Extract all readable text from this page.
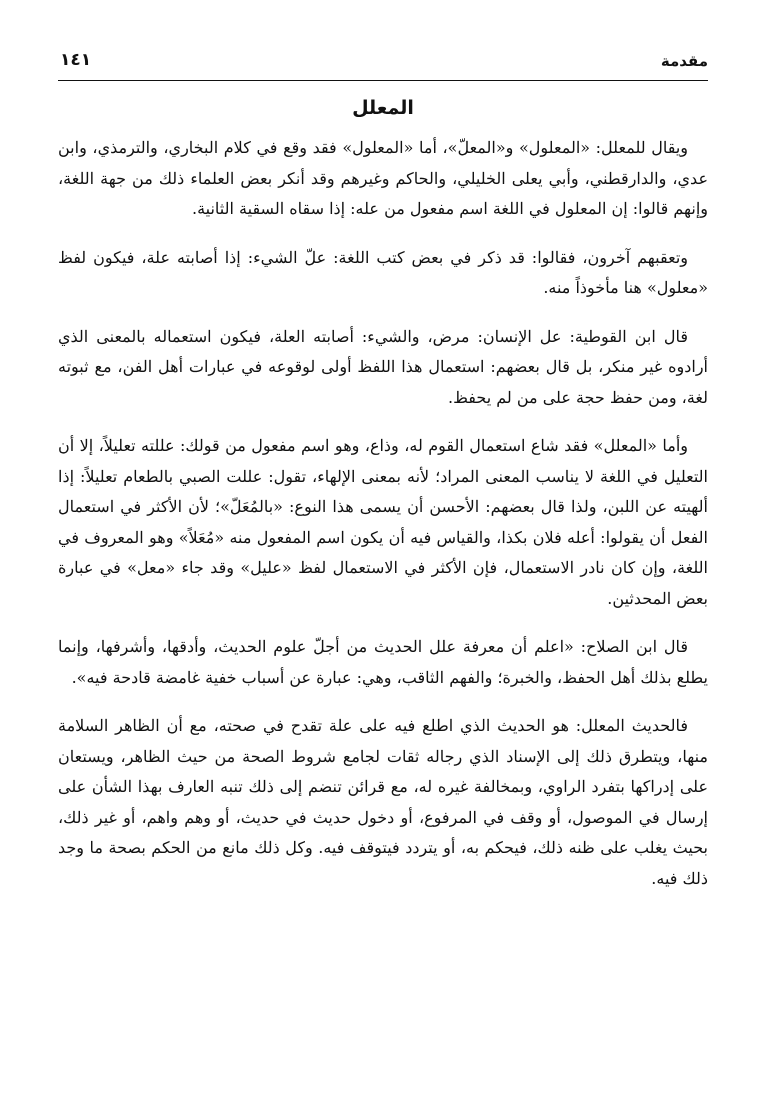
مقدمة
١٤١
المعلل

ويقال للمعلل: «المعلول» و«المعلّ»، أما «المعلول» فقد وقع في كلام البخاري، والترمذي، وابن عدي، والدارقطني، وأبي يعلى الخليلي، والحاكم وغيرهم وقد أنكر بعض العلماء ذلك من جهة اللغة، وإنهم قالوا: إن المعلول في اللغة اسم مفعول من عله: إذا سقاه السقية الثانية.

وتعقبهم آخرون، فقالوا: قد ذكر في بعض كتب اللغة: علّ الشيء: إذا أصابته علة، فيكون لفظ «معلول» هنا مأخوذاً منه.

قال ابن القوطية: عل الإنسان: مرض، والشيء: أصابته العلة، فيكون استعماله بالمعنى الذي أرادوه غير منكر، بل قال بعضهم: استعمال هذا اللفظ أولى لوقوعه في عبارات أهل الفن، مع ثبوته لغة، ومن حفظ حجة على من لم يحفظ.

وأما «المعلل» فقد شاع استعمال القوم له، وذاع، وهو اسم مفعول من قولك: عللته تعليلاً، إلا أن التعليل في اللغة لا يناسب المعنى المراد؛ لأنه بمعنى الإلهاء، تقول: عللت الصبي بالطعام تعليلاً: إذا ألهيته عن اللبن، ولذا قال بعضهم: الأحسن أن يسمى هذا النوع: «بالمُعَلّ»؛ لأن الأكثر في استعمال الفعل أن يقولوا: أعله فلان بكذا، والقياس فيه أن يكون اسم المفعول منه «مُعَلاً» وهو المعروف في اللغة، وإن كان نادر الاستعمال، فإن الأكثر في الاستعمال لفظ «عليل» وقد جاء «معل» في عبارة بعض المحدثين.

قال ابن الصلاح: «اعلم أن معرفة علل الحديث من أجلّ علوم الحديث، وأدقها، وأشرفها، وإنما يطلع بذلك أهل الحفظ، والخبرة؛ والفهم الثاقب، وهي: عبارة عن أسباب خفية غامضة قادحة فيه».

فالحديث المعلل: هو الحديث الذي اطلع فيه على علة تقدح في صحته، مع أن الظاهر السلامة منها، ويتطرق ذلك إلى الإسناد الذي رجاله ثقات لجامع شروط الصحة من حيث الظاهر، ويستعان على إدراكها بتفرد الراوي، وبمخالفة غيره له، مع قرائن تنضم إلى ذلك تنبه العارف بهذا الشأن على إرسال في الموصول، أو وقف في المرفوع، أو دخول حديث في حديث، أو وهم واهم، أو غير ذلك، بحيث يغلب على ظنه ذلك، فيحكم به، أو يتردد فيتوقف فيه. وكل ذلك مانع من الحكم بصحة ما وجد ذلك فيه.
